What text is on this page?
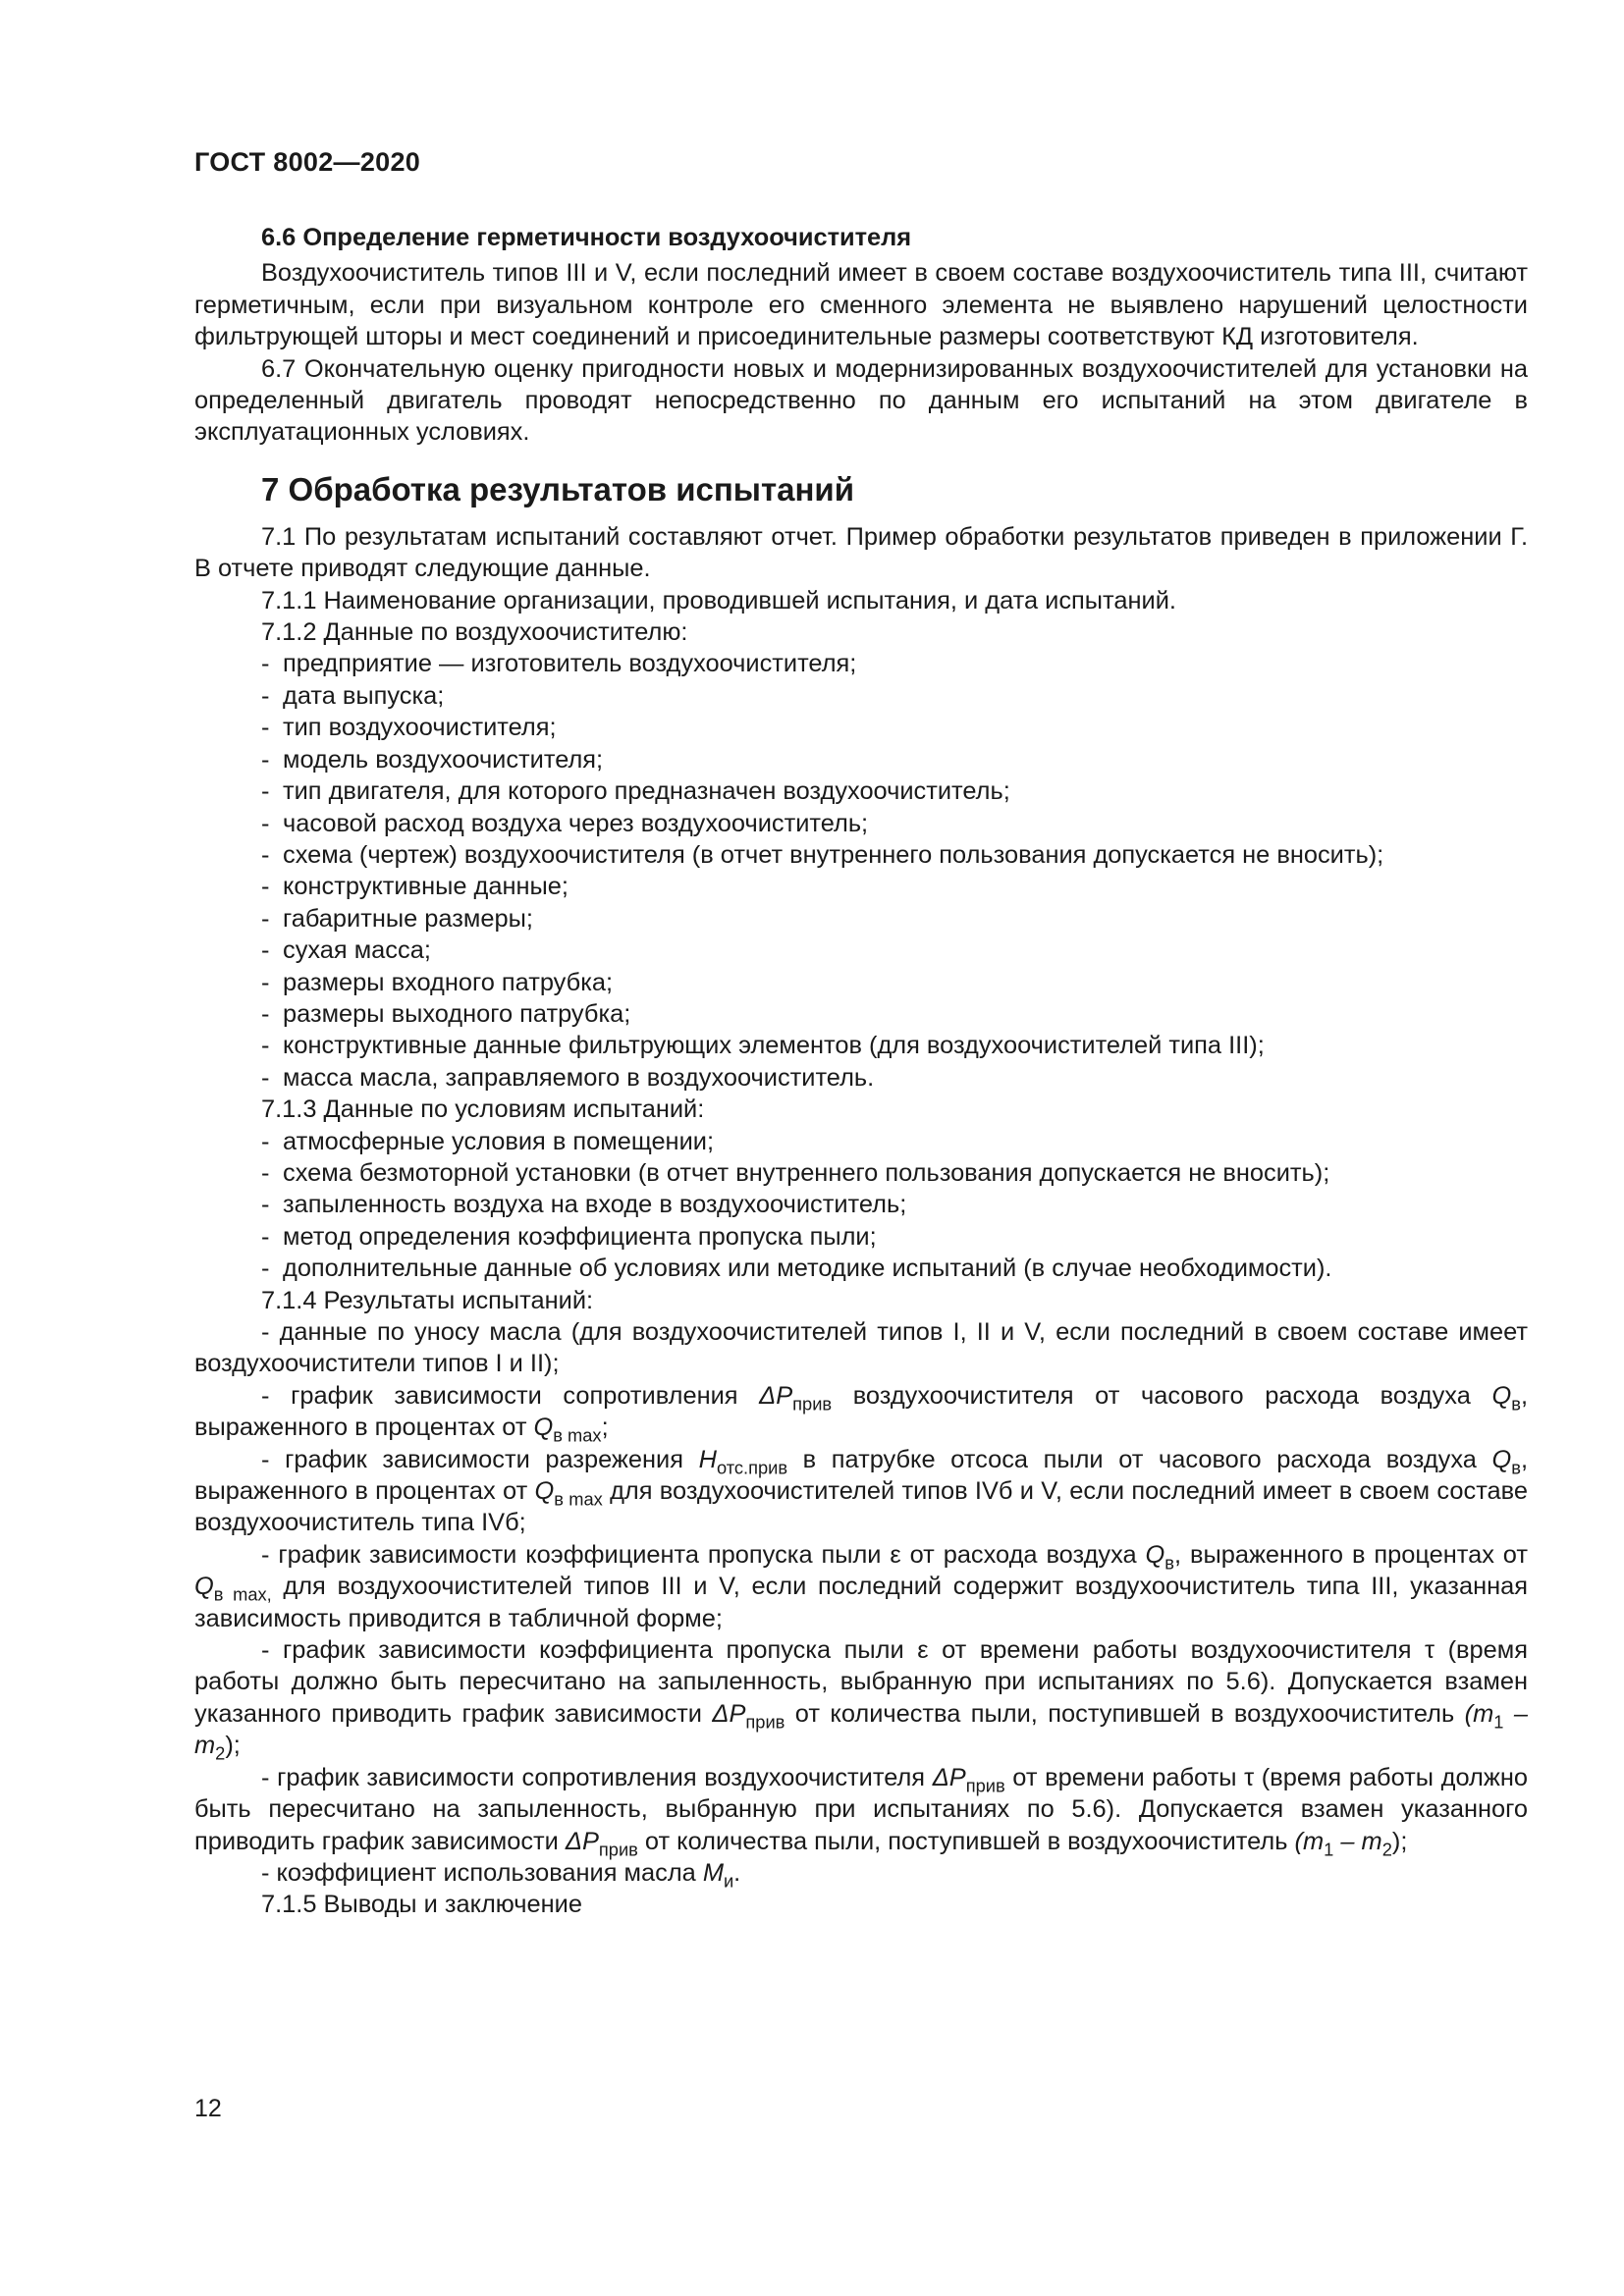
ГОСТ 8002—2020

6.6 Определение герметичности воздухоочистителя

Воздухоочиститель типов III и V, если последний имеет в своем составе воздухоочиститель типа III, считают герметичным, если при визуальном контроле его сменного элемента не выявлено нарушений целостности фильтрующей шторы и мест соединений и присоединительные размеры соответствуют КД изготовителя.

6.7 Окончательную оценку пригодности новых и модернизированных воздухоочистителей для установки на определенный двигатель проводят непосредственно по данным его испытаний на этом двигателе в эксплуатационных условиях.

7 Обработка результатов испытаний

7.1 По результатам испытаний составляют отчет. Пример обработки результатов приведен в приложении Г. В отчете приводят следующие данные.

7.1.1 Наименование организации, проводившей испытания, и дата испытаний.

7.1.2 Данные по воздухоочистителю:

- предприятие — изготовитель воздухоочистителя;
- дата выпуска;
- тип воздухоочистителя;
- модель воздухоочистителя;
- тип двигателя, для которого предназначен воздухоочиститель;
- часовой расход воздуха через воздухоочиститель;
- схема (чертеж) воздухоочистителя (в отчет внутреннего пользования допускается не вносить);
- конструктивные данные;
- габаритные размеры;
- сухая масса;
- размеры входного патрубка;
- размеры выходного патрубка;
- конструктивные данные фильтрующих элементов (для воздухоочистителей типа III);
- масса масла, заправляемого в воздухоочиститель.

7.1.3 Данные по условиям испытаний:

- атмосферные условия в помещении;
- схема безмоторной установки (в отчет внутреннего пользования допускается не вносить);
- запыленность воздуха на входе в воздухоочиститель;
- метод определения коэффициента пропуска пыли;
- дополнительные данные об условиях или методике испытаний (в случае необходимости).

7.1.4 Результаты испытаний:

- данные по уносу масла (для воздухоочистителей типов I, II и V, если последний в своем составе имеет воздухоочистители типов I и II);

- график зависимости сопротивления $\Delta P_{прив}$ воздухоочистителя от часового расхода воздуха $Q_в$, выраженного в процентах от $Q_{в max}$;

- график зависимости разрежения $H_{отс.прив}$ в патрубке отсоса пыли от часового расхода воздуха $Q_в$, выраженного в процентах от $Q_{в max}$ для воздухоочистителей типов IVб и V, если последний имеет в своем составе воздухоочиститель типа IVб;

- график зависимости коэффициента пропуска пыли ε от расхода воздуха $Q_в$, выраженного в процентах от $Q_{в max,}$ для воздухоочистителей типов III и V, если последний содержит воздухоочиститель типа III, указанная зависимость приводится в табличной форме;

- график зависимости коэффициента пропуска пыли ε от времени работы воздухоочистителя τ (время работы должно быть пересчитано на запыленность, выбранную при испытаниях по 5.6). Допускается взамен указанного приводить график зависимости $\Delta P_{прив}$ от количества пыли, поступившей в воздухоочиститель $(m_1 - m_2)$;

- график зависимости сопротивления воздухоочистителя $\Delta P_{прив}$ от времени работы τ (время работы должно быть пересчитано на запыленность, выбранную при испытаниях по 5.6). Допускается взамен указанного приводить график зависимости $\Delta P_{прив}$ от количества пыли, поступившей в воздухоочиститель $(m_1 - m_2)$;

- коэффициент использования масла $M_и$.

7.1.5 Выводы и заключение

12
